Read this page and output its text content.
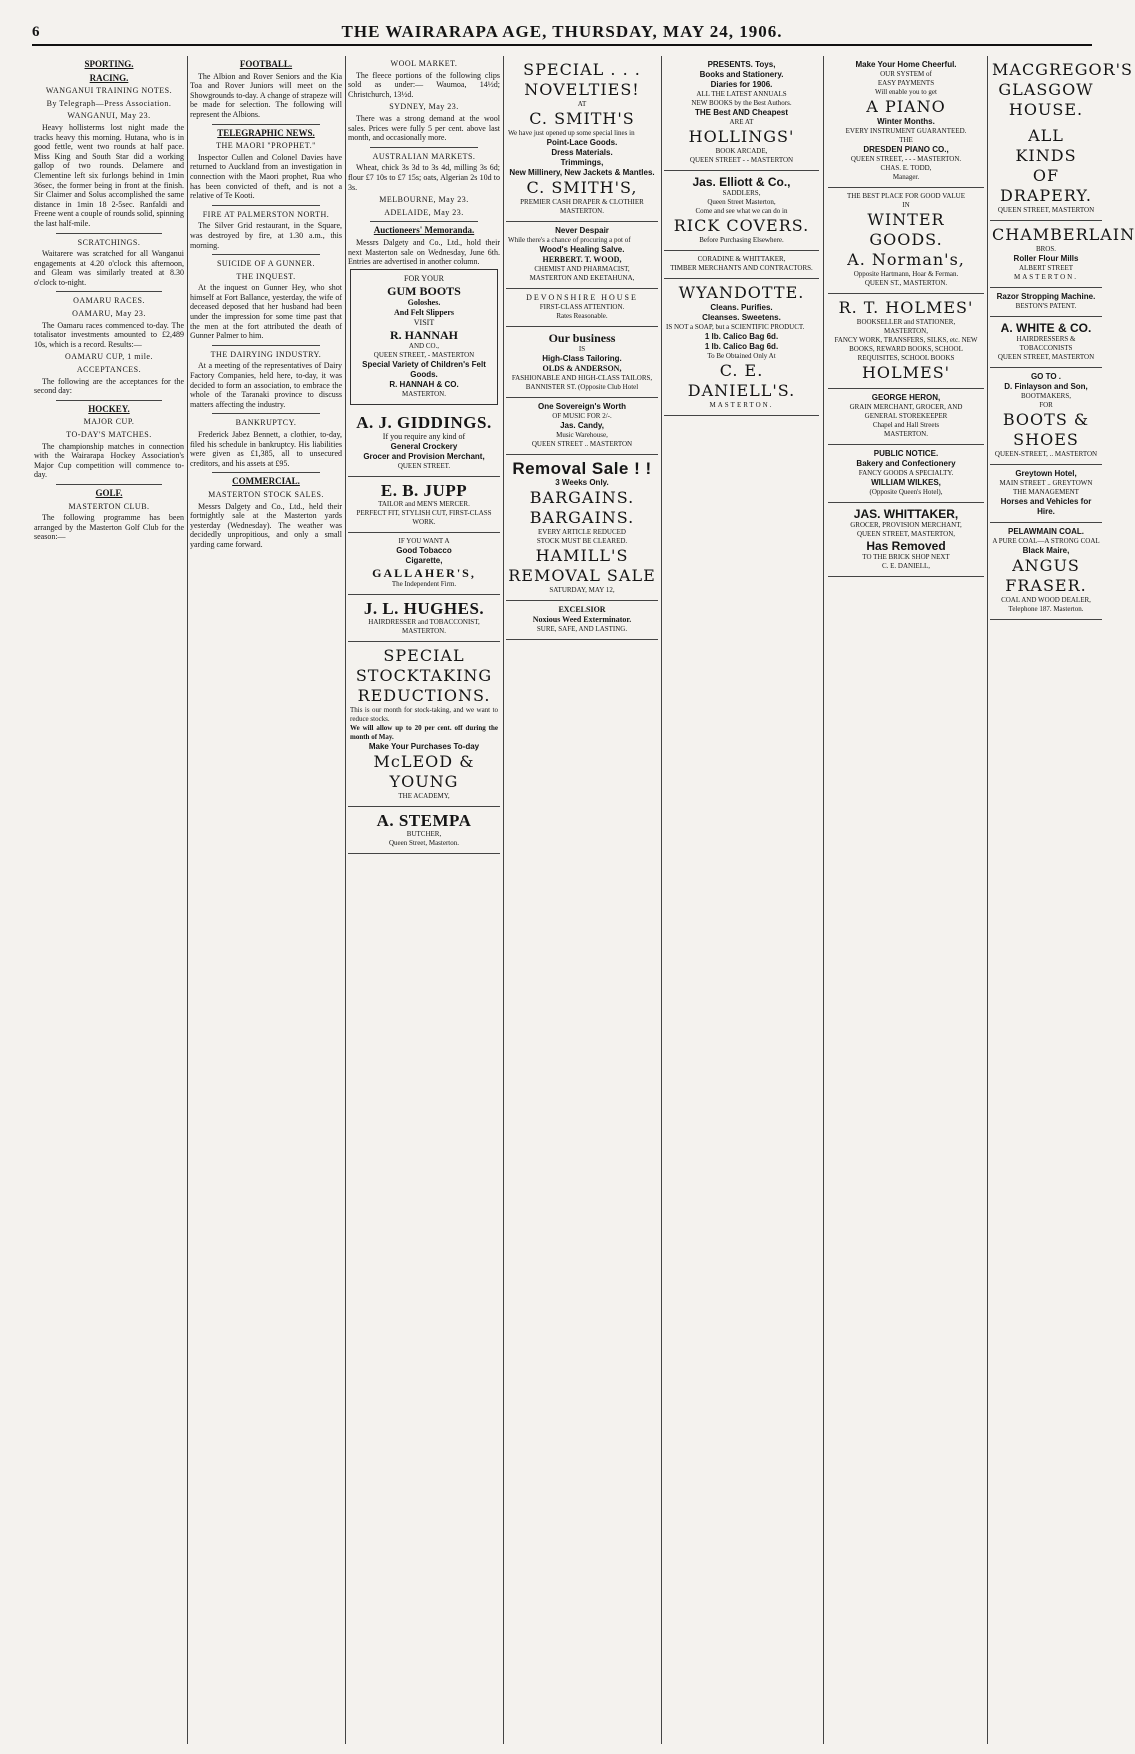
6	THE WAIRARAPA AGE, THURSDAY, MAY 24, 1906.
SPORTING.
RACING.
WANGANUI TRAINING NOTES.
By Telegraph—Press Association.
WANGANUI, May 23.
Heavy hollisterms lost night made the tracks heavy this morning. Hutana, who is in good fettle, went two rounds at half pace. Miss King and South Star did a working gallop of two rounds. Delamere and Clementine left six furlongs behind in 1min 36sec, the former being in front at the finish. Sir Claimer and Solus accomplished the same distance in 1min 18 2-5sec. Ranfaldi and Freene went a couple of rounds solid, spinning the last half-mile.
SCRATCHINGS.
Waitarere was scratched for all Wanganui engagements at 4.20 o'clock this afternoon, and Gleam was similarly treated at 8.30 o'clock to-night.
OAMARU RACES.
OAMARU, May 23.
The Oamaru races commenced to-day. The totalisator investments amounted to £2,489 10s, which is a record. Results:—
OAMARU CUP, 1 mile.
ACCEPTANCES.
The following are the acceptances for the second day:
HOCKEY.
MAJOR CUP.
TO-DAY'S MATCHES.
The championship matches in connection with the Wairarapa Hockey Association's Major Cup competition will commence to-day.
GOLF.
MASTERTON CLUB.
The following programme has been arranged by the Masterton Golf Club for the season:—
FOOTBALL.
The Albion and Rover Seniors and the Kia Toa and Rover Juniors will meet on the Showgrounds to-day. A change of strapeze will be made for selection. The following will represent the Albions.
TELEGRAPHIC NEWS.
THE MAORI "PROPHET."
Inspector Cullen and Colonel Davies have returned to Auckland from an investigation in connection with the Maori prophet, Rua who has been convicted of theft, and is not a relative of Te Kooti.
FIRE AT PALMERSTON NORTH.
The Silver Grid restaurant, in the Square, was destroyed by fire, at 1.30 a.m., this morning.
SUICIDE OF A GUNNER.
THE INQUEST.
At the inquest on Gunner Hey, who shot himself at Fort Ballance, yesterday, the wife of deceased deposed that her husband had been under the impression for some time past that the men at the fort attributed the death of Gunner Palmer to him.
THE DAIRYING INDUSTRY.
At a meeting of the representatives of Dairy Factory Companies, held here, to-day, it was decided to form an association, to embrace the whole of the Taranaki province to discuss matters affecting the industry.
BANKRUPTCY.
Frederick Jabez Bennett, a clothier, to-day, filed his schedule in bankruptcy. His liabilities were given as £1,385, all to unsecured creditors, and his assets at £95.
COMMERCIAL.
MASTERTON STOCK SALES.
Messrs Dalgety and Co., Ltd., held their fortnightly sale at the Masterton yards yesterday (Wednesday). The weather was decidedly unpropitious, and only a small yarding came forward.
WOOL MARKET.
The fleece portions of the following clips sold as under:— Waumoa, 14½d; Christchurch, 13½d.
SYDNEY, May 23.
There was a strong demand at the wool sales. Prices were fully 5 per cent. above last month, and occasionally more.
AUSTRALIAN MARKETS.
Wheat, chick 3s 3d to 3s 4d, milling 3s 6d; flour £7 10s to £7 15s; oats, Algerian 2s 10d to 3s.
MELBOURNE, May 23.
ADELAIDE, May 23.
Auctioneers' Memoranda.
Messrs Dalgety and Co., Ltd., hold their next Masterton sale on Wednesday, June 6th. Entries are advertised in another column.
FOR YOUR
GUM BOOTS
Goloshes.
And Felt Slippers
VISIT
R. HANNAH
AND CO.,
QUEEN STREET, - MASTERTON
Special Variety of Children's Felt Goods.
R. HANNAH & CO.
MASTERTON.
A. J. GIDDINGS.
If you require any kind of
General Crockery
Grocer and Provision Merchant,
QUEEN STREET.
E. B. JUPP
TAILOR and MEN'S MERCER.
PERFECT FIT, STYLISH CUT, FIRST-CLASS WORK.
IF YOU WANT A
Good Tobacco
Cigarette,
GALLAHER'S,
The Independent Firm.
J. L. HUGHES.
HAIRDRESSER and TOBACCONIST,
MASTERTON.
SPECIAL
STOCKTAKING
REDUCTIONS.
This is our month for stock-taking, and we want to reduce stocks.
We will allow up to 20 per cent. off during the month of May.
Make Your Purchases To-day
McLEOD & YOUNG
THE ACADEMY,
A. STEMPA
BUTCHER,
Queen Street, Masterton.
SPECIAL . . .
NOVELTIES!
AT
C. SMITH'S
We have just opened up some special lines in
Point-Lace Goods.
Dress Materials.
Trimmings,
New Millinery, New Jackets & Mantles.
C. SMITH'S,
PREMIER CASH DRAPER & CLOTHIER MASTERTON.
Never Despair
While there's a chance of procuring a pot of
Wood's Healing Salve.
HERBERT. T. WOOD,
CHEMIST AND PHARMACIST,
MASTERTON AND EKETAHUNA,
DEVONSHIRE HOUSE
FIRST-CLASS ATTENTION.
Rates Reasonable.
Our business
IS
High-Class Tailoring.
OLDS & ANDERSON,
FASHIONABLE AND HIGH-CLASS TAILORS,
BANNISTER ST. (Opposite Club Hotel
One Sovereign's Worth
OF MUSIC FOR 2/-.
Jas. Candy,
Music Warehouse,
QUEEN STREET .. MASTERTON
Removal Sale ! !
3 Weeks Only.
BARGAINS.
BARGAINS.
EVERY ARTICLE REDUCED
STOCK MUST BE CLEARED.
HAMILL'S
REMOVAL SALE
SATURDAY, MAY 12,
EXCELSIOR
Noxious Weed Exterminator.
SURE, SAFE, AND LASTING.
PRESENTS. Toys,
Books and Stationery.
Diaries for 1906.
ALL THE LATEST ANNUALS
NEW BOOKS by the Best Authors.
THE Best AND Cheapest
ARE AT
HOLLINGS'
BOOK ARCADE,
QUEEN STREET - - MASTERTON
Jas. Elliott & Co.,
SADDLERS,
Queen Street Masterton,
Come and see what we can do in
RICK COVERS.
Before Purchasing Elsewhere.
CORADINE & WHITTAKER,
TIMBER MERCHANTS AND CONTRACTORS.
WYANDOTTE.
Cleans. Purifies.
Cleanses. Sweetens.
IS NOT a SOAP, but a SCIENTIFIC PRODUCT.
1 lb. Calico Bag 6d.
1 lb. Calico Bag 6d.
To Be Obtained Only At
C. E. DANIELL'S.
MASTERTON.
Make Your Home Cheerful.
OUR SYSTEM of
EASY PAYMENTS
Will enable you to get
A PIANO
Winter Months.
EVERY INSTRUMENT GUARANTEED.
THE
DRESDEN PIANO CO.,
QUEEN STREET, - - - MASTERTON.
CHAS. E. TODD,
Manager.
THE BEST PLACE FOR GOOD VALUE
IN
WINTER GOODS.
A. Norman's,
Opposite Hartmann, Hoar & Ferman.
QUEEN ST., MASTERTON.
R. T. HOLMES'
BOOKSELLER and STATIONER,
MASTERTON,
FANCY WORK, TRANSFERS, SILKS, etc. NEW BOOKS, REWARD BOOKS, SCHOOL REQUISITES, SCHOOL BOOKS
HOLMES'
GEORGE HERON,
GRAIN MERCHANT, GROCER, AND
GENERAL STOREKEEPER
Chapel and Hall Streets
MASTERTON.
PUBLIC NOTICE.
Bakery and Confectionery
FANCY GOODS A SPECIALTY.
WILLIAM WILKES,
(Opposite Queen's Hotel),
JAS. WHITTAKER,
GROCER, PROVISION MERCHANT,
QUEEN STREET, MASTERTON,
Has Removed
TO THE BRICK SHOP NEXT
C. E. DANIELL,
MACGREGOR'S
GLASGOW
HOUSE.
ALL
KINDS
OF
DRAPERY.
QUEEN STREET, MASTERTON
CHAMBERLAIN
BROS.
Roller Flour Mills
ALBERT STREET
MASTERTON.
Razor Stropping Machine.
BESTON'S PATENT.
A. WHITE & CO.
HAIRDRESSERS & TOBACCONISTS
QUEEN STREET, MASTERTON
GO TO .
D. Finlayson and Son,
BOOTMAKERS,
FOR
BOOTS & SHOES
QUEEN-STREET, .. MASTERTON
Greytown Hotel,
MAIN STREET .. GREYTOWN
THE MANAGEMENT
Horses and Vehicles for Hire.
PELAWMAIN COAL.
A PURE COAL—A STRONG COAL
Black Maire,
ANGUS FRASER.
COAL AND WOOD DEALER,
Telephone 187. Masterton.
